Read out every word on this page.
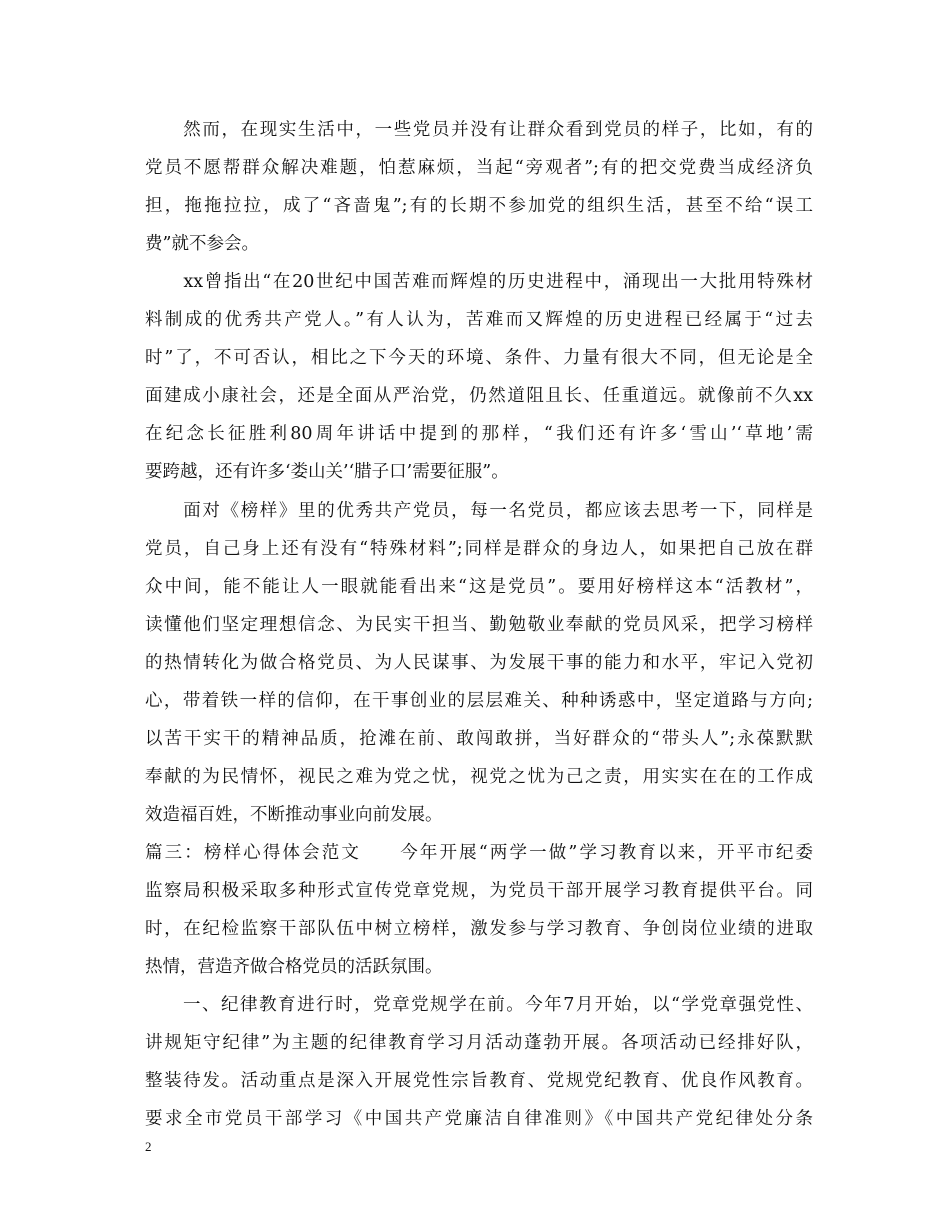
　　然而，在现实生活中，一些党员并没有让群众看到党员的样子，比如，有的
党员不愿帮群众解决难题，怕惹麻烦，当起“旁观者”;有的把交党费当成经济负
担，拖拖拉拉，成了“吝啬鬼”;有的长期不参加党的组织生活，甚至不给“误工
费”就不参会。
　　xx曾指出“在20世纪中国苦难而辉煌的历史进程中，涌现出一大批用特殊材
料制成的优秀共产党人。”有人认为，苦难而又辉煌的历史进程已经属于“过去
时”了，不可否认，相比之下今天的环境、条件、力量有很大不同，但无论是全
面建成小康社会，还是全面从严治党，仍然道阻且长、任重道远。就像前不久xx
在纪念长征胜利80周年讲话中提到的那样，“我们还有许多‘雪山’‘草地’需
要跨越，还有许多‘娄山关’‘腊子口’需要征服”。
　　面对《榜样》里的优秀共产党员，每一名党员，都应该去思考一下，同样是
党员，自己身上还有没有“特殊材料”;同样是群众的身边人，如果把自己放在群
众中间，能不能让人一眼就能看出来“这是党员”。要用好榜样这本“活教材”，
读懂他们坚定理想信念、为民实干担当、勤勉敬业奉献的党员风采，把学习榜样
的热情转化为做合格党员、为人民谋事、为发展干事的能力和水平，牢记入党初
心，带着铁一样的信仰，在干事创业的层层难关、种种诱惑中，坚定道路与方向;
以苦干实干的精神品质，抢滩在前、敢闯敢拼，当好群众的“带头人”;永葆默默
奉献的为民情怀，视民之难为党之忧，视党之忧为己之责，用实实在在的工作成
效造福百姓，不断推动事业向前发展。
篇三：榜样心得体会范文　　今年开展“两学一做”学习教育以来，开平市纪委
监察局积极采取多种形式宣传党章党规，为党员干部开展学习教育提供平台。同
时，在纪检监察干部队伍中树立榜样，激发参与学习教育、争创岗位业绩的进取
热情，营造齐做合格党员的活跃氛围。
　　一、纪律教育进行时，党章党规学在前。今年7月开始，以“学党章强党性、
讲规矩守纪律”为主题的纪律教育学习月活动蓬勃开展。各项活动已经排好队，
整装待发。活动重点是深入开展党性宗旨教育、党规党纪教育、优良作风教育。
要求全市党员干部学习《中国共产党廉洁自律准则》《中国共产党纪律处分条
2
